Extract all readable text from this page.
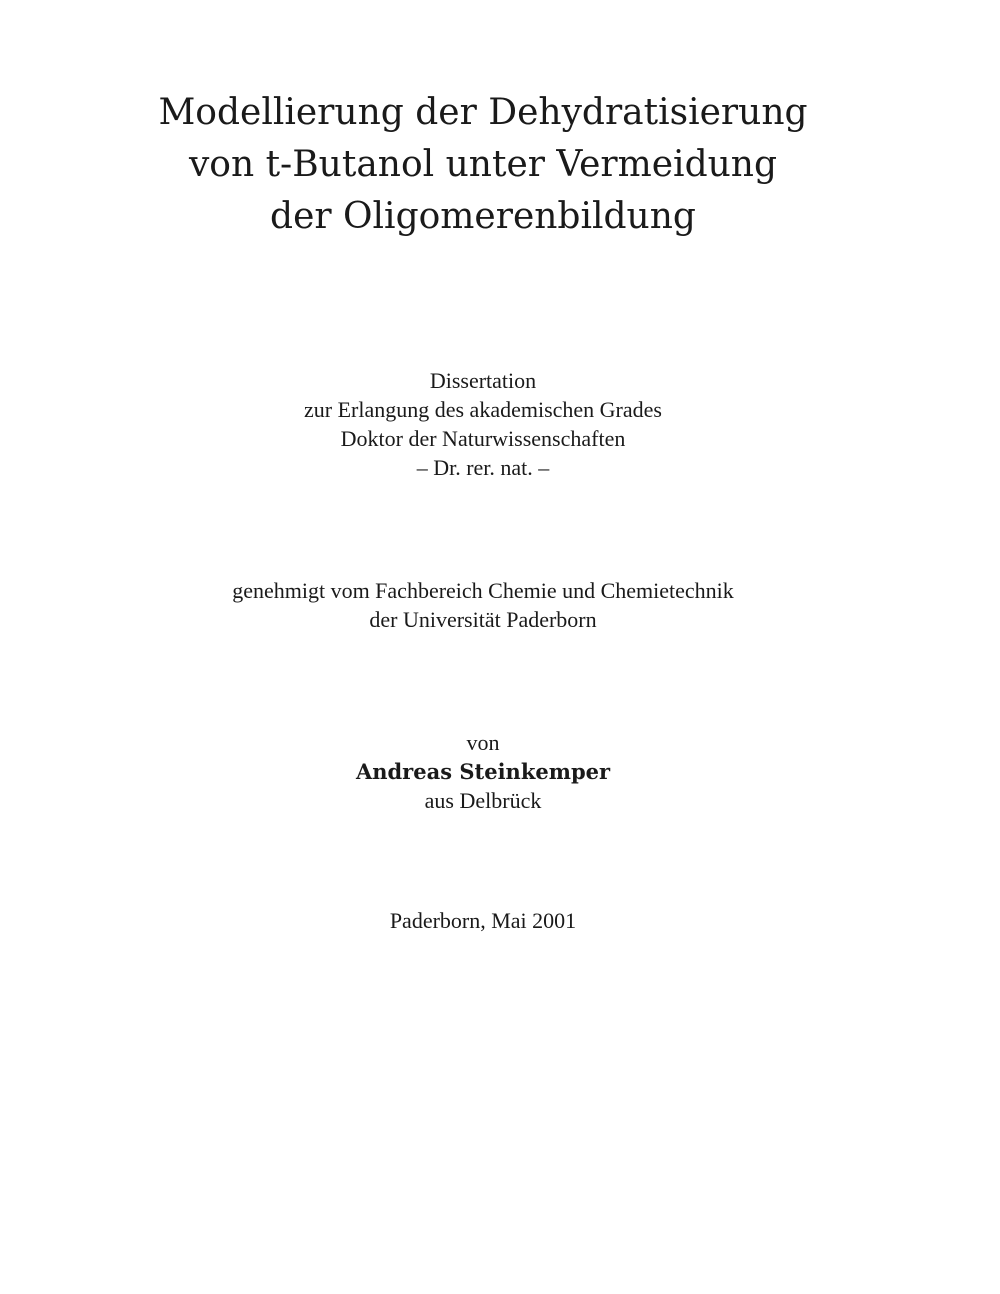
Modellierung der Dehydratisierung
von t-Butanol unter Vermeidung
der Oligomerenbildung
Dissertation
zur Erlangung des akademischen Grades
Doktor der Naturwissenschaften
– Dr. rer. nat. –
genehmigt vom Fachbereich Chemie und Chemietechnik
der Universität Paderborn
von
Andreas Steinkemper
aus Delbrück
Paderborn, Mai 2001
